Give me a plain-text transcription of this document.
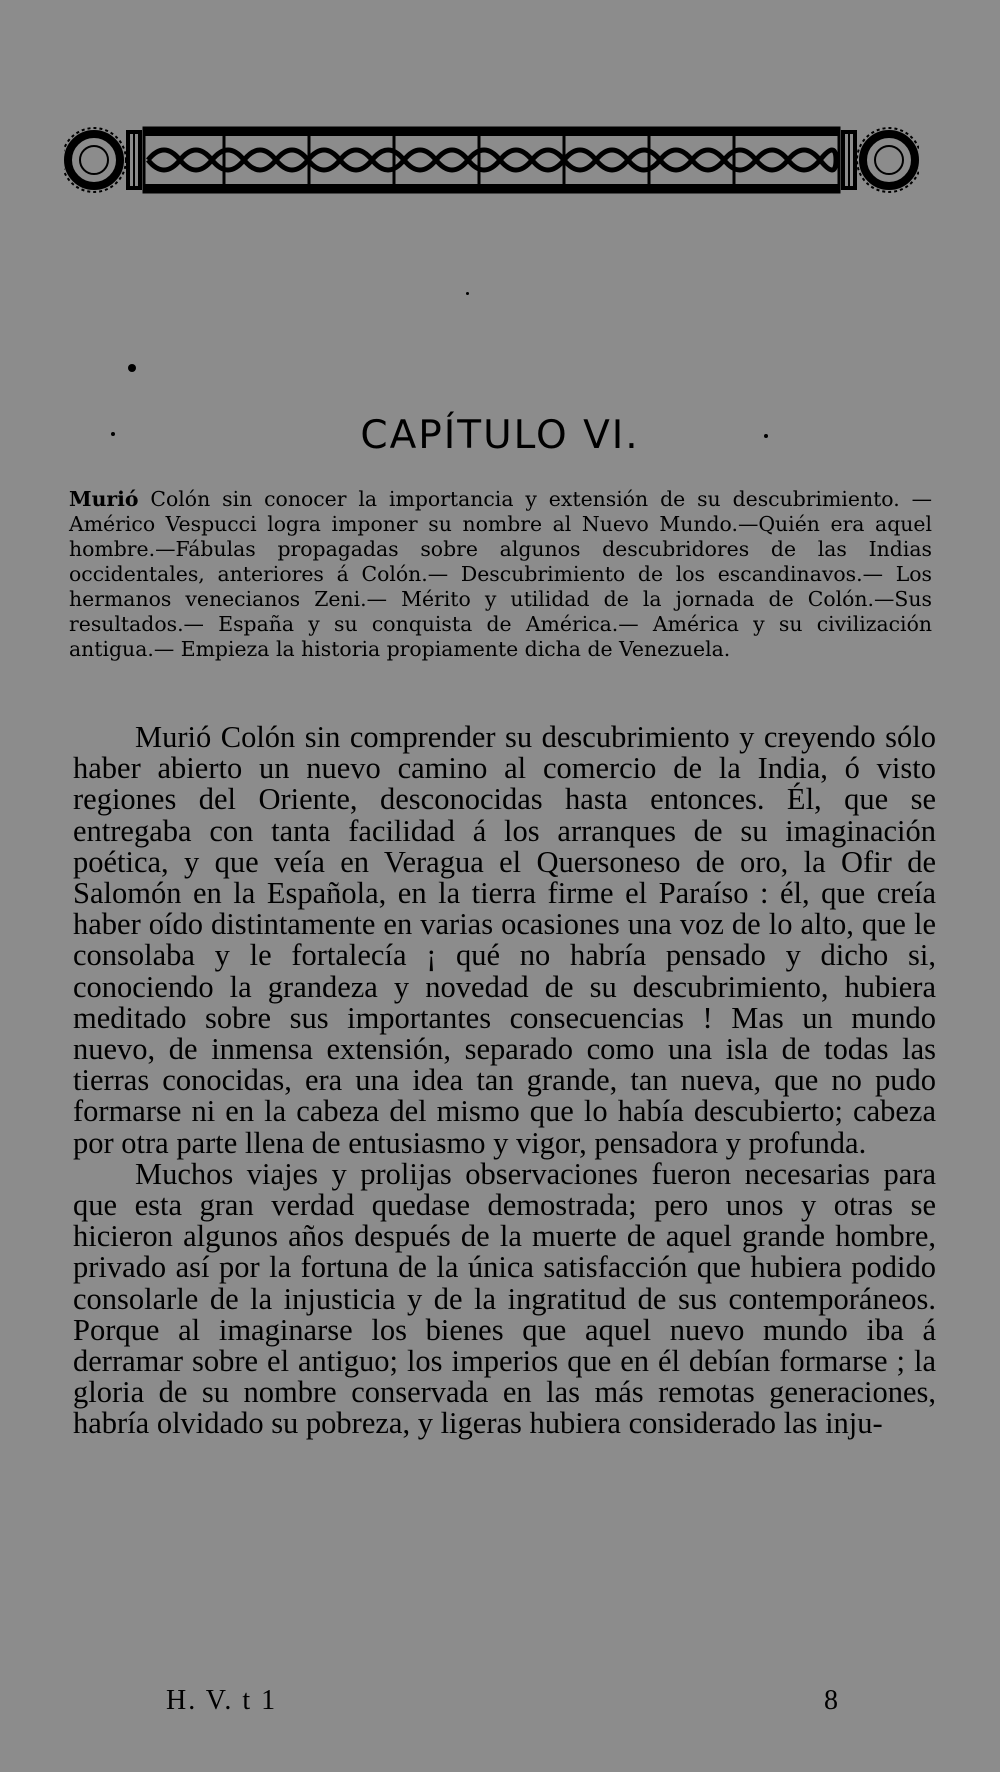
CAPÍTULO VI.
Murió Colón sin conocer la importancia y extensión de su descubrimiento. —Américo Vespucci logra imponer su nombre al Nuevo Mundo.—Quién era aquel hombre.—Fábulas propagadas sobre algunos descubridores de las Indias occidentales, anteriores á Colón.— Descubrimiento de los escandinavos.— Los hermanos venecianos Zeni.— Mérito y utilidad de la jornada de Colón.—Sus resultados.— España y su conquista de América.— América y su civilización antigua.— Empieza la historia propiamente dicha de Venezuela.

Murió Colón sin comprender su descubrimiento y creyendo sólo haber abierto un nuevo camino al comercio de la India, ó visto regiones del Oriente, desconocidas hasta entonces. Él, que se entregaba con tanta facilidad á los arranques de su imaginación poética, y que veía en Veragua el Quersoneso de oro, la Ofir de Salomón en la Española, en la tierra firme el Paraíso : él, que creía haber oído distintamente en varias ocasiones una voz de lo alto, que le consolaba y le fortalecía ¡ qué no habría pensado y dicho si, conociendo la grandeza y novedad de su descubrimiento, hubiera meditado sobre sus importantes consecuencias ! Mas un mundo nuevo, de inmensa extensión, separado como una isla de todas las tierras conocidas, era una idea tan grande, tan nueva, que no pudo formarse ni en la cabeza del mismo que lo había descubierto; cabeza por otra parte llena de entusiasmo y vigor, pensadora y profunda.

Muchos viajes y prolijas observaciones fueron necesarias para que esta gran verdad quedase demostrada; pero unos y otras se hicieron algunos años después de la muerte de aquel grande hombre, privado así por la fortuna de la única satisfacción que hubiera podido consolarle de la injusticia y de la ingratitud de sus contemporáneos. Porque al imaginarse los bienes que aquel nuevo mundo iba á derramar sobre el antiguo; los imperios que en él debían formarse ; la gloria de su nombre conservada en las más remotas generaciones, habría olvidado su pobreza, y ligeras hubiera considerado las inju-

H. V. t 1	8
